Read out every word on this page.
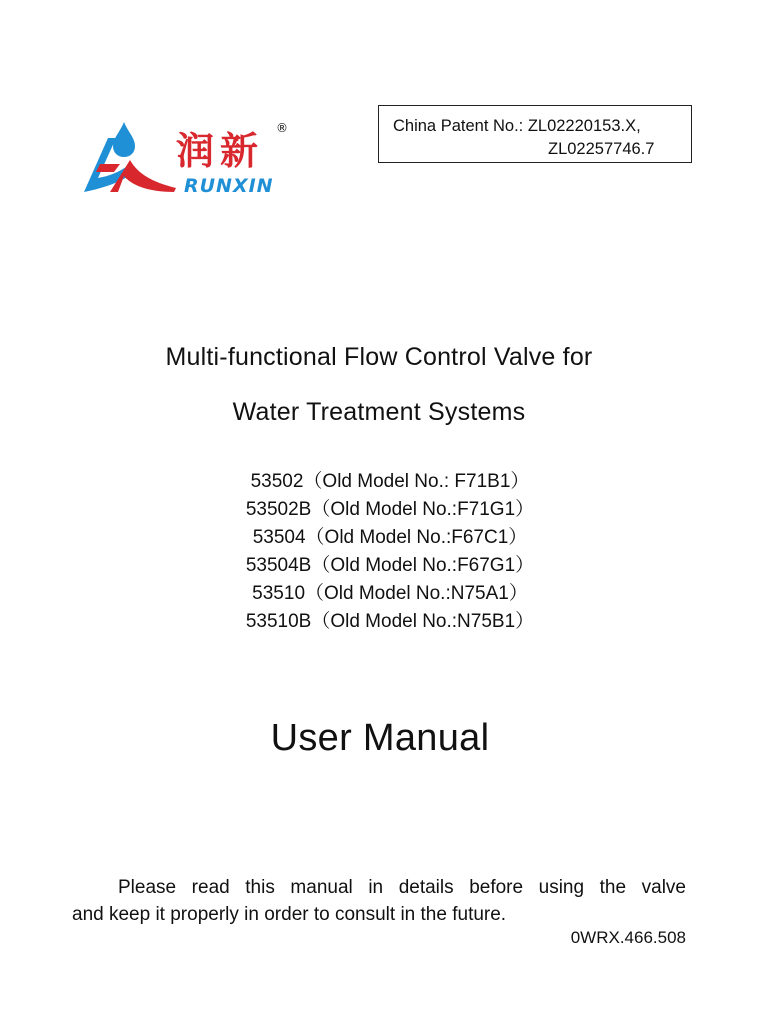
润新
®
RUNXIN
China Patent No.: ZL02220153.X,
ZL02257746.7
Multi-functional Flow Control Valve for
Water Treatment Systems
53502（Old Model No.: F71B1）
53502B（Old Model No.:F71G1）
53504（Old Model No.:F67C1）
53504B（Old Model No.:F67G1）
53510（Old Model No.:N75A1）
53510B（Old Model No.:N75B1）
User Manual
Please read this manual in details before using the valve
and keep it properly in order to consult in the future.
0WRX.466.508
